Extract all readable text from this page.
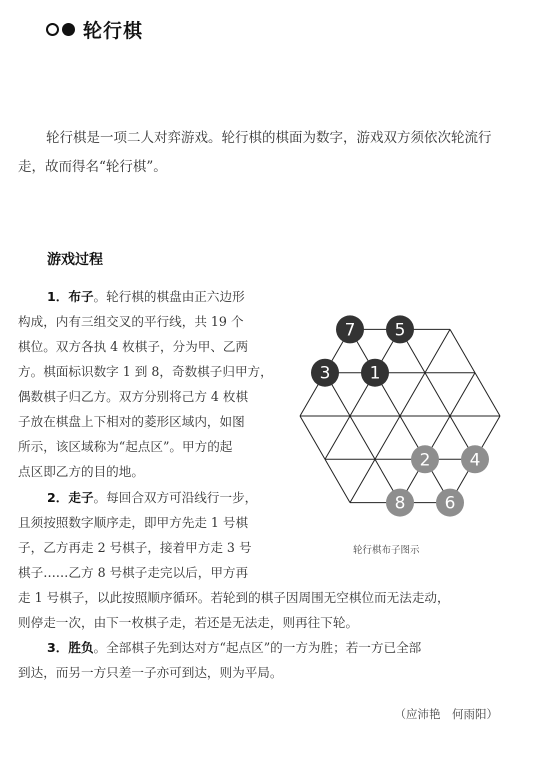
轮行棋
轮行棋是一项二人对弈游戏。轮行棋的棋面为数字，游戏双方须依次轮流行走，故而得名“轮行棋”。
游戏过程
1．布子。轮行棋的棋盘由正六边形
构成，内有三组交叉的平行线，共 19 个
棋位。双方各执 4 枚棋子，分为甲、乙两
方。棋面标识数字 1 到 8，奇数棋子归甲方，
偶数棋子归乙方。双方分别将己方 4 枚棋
子放在棋盘上下相对的菱形区域内，如图
所示，该区域称为“起点区”。甲方的起
点区即乙方的目的地。
2．走子。每回合双方可沿线行一步，
且须按照数字顺序走，即甲方先走 1 号棋
子，乙方再走 2 号棋子，接着甲方走 3 号
棋子……乙方 8 号棋子走完以后，甲方再
走 1 号棋子，以此按照顺序循环。若轮到的棋子因周围无空棋位而无法走动，
则停走一次，由下一枚棋子走，若还是无法走，则再往下轮。
3．胜负。全部棋子先到达对方“起点区”的一方为胜；若一方已全部
到达，而另一方只差一子亦可到达，则为平局。
7
3
5
1
2
8
4
6
轮行棋布子图示
（应沛艳　何雨阳）
